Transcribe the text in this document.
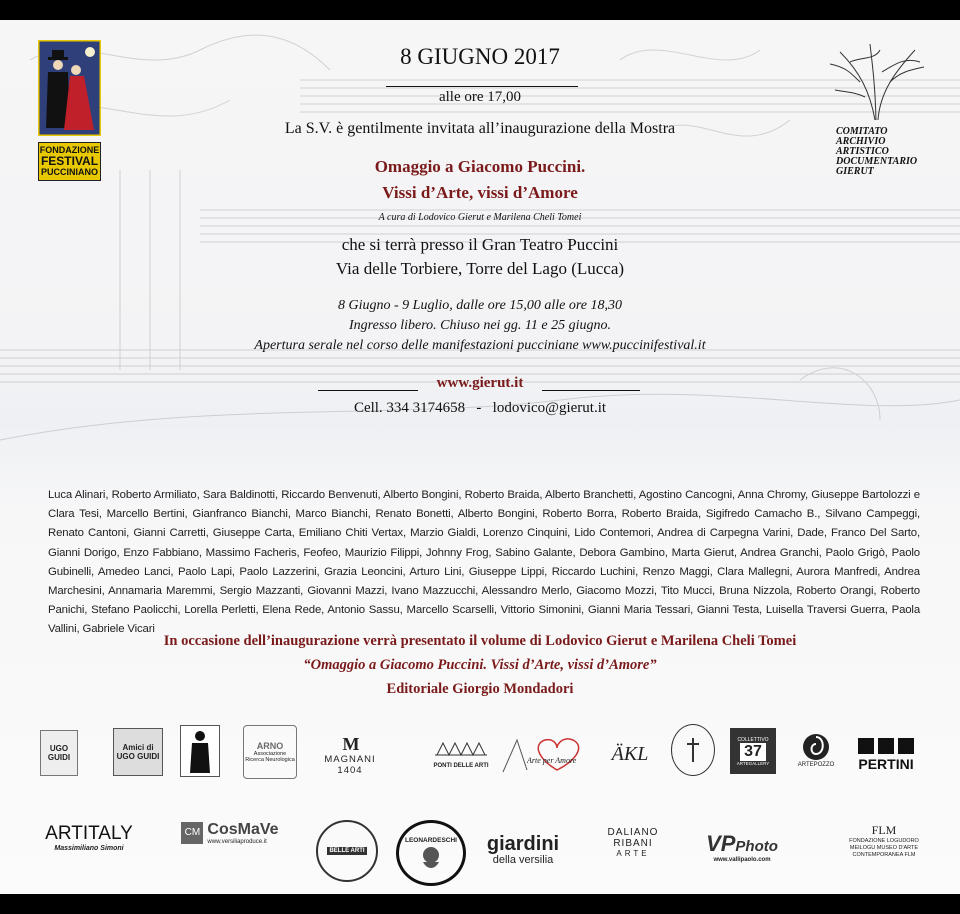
FONDAZIONE
FESTIVAL
PUCCINIANO
COMITATO
ARCHIVIO
ARTISTICO
DOCUMENTARIO
GIERUT
8 GIUGNO 2017
alle ore 17,00
La S.V. è gentilmente invitata all’inaugurazione della Mostra
Omaggio a Giacomo Puccini.
Vissi d’Arte, vissi d’Amore
A cura di Lodovico Gierut e Marilena Cheli Tomei
che si terrà presso il Gran Teatro Puccini
Via delle Torbiere, Torre del Lago (Lucca)
8 Giugno - 9 Luglio, dalle ore 15,00 alle ore 18,30
Ingresso libero. Chiuso nei gg. 11 e 25 giugno.
Apertura serale nel corso delle manifestazioni pucciniane www.puccinifestival.it
www.gierut.it
Cell. 334 3174658   -   lodovico@gierut.it
Luca Alinari, Roberto Armiliato, Sara Baldinotti, Riccardo Benvenuti, Alberto Bongini, Roberto Braida, Alberto Branchetti, Agostino Cancogni, Anna Chromy, Giuseppe Bartolozzi e Clara Tesi, Marcello Bertini, Gianfranco Bianchi, Marco Bianchi, Renato Bonetti, Alberto Bongini, Roberto Borra, Roberto Braida, Sigifredo Camacho B., Silvano Campeggi, Renato Cantoni, Gianni Carretti, Giuseppe Carta, Emiliano Chiti Vertax, Marzio Gialdi, Lorenzo Cinquini, Lido Contemori, Andrea di Carpegna Varini, Dade, Franco Del Sarto, Gianni Dorigo, Enzo Fabbiano, Massimo Facheris, Feofeo, Maurizio Filippi, Johnny Frog, Sabino Galante, Debora Gambino, Marta Gierut, Andrea Granchi, Paolo Grigò, Paolo Gubinelli, Amedeo Lanci, Paolo Lapi, Paolo Lazzerini, Grazia Leoncini, Arturo Lini, Giuseppe Lippi, Riccardo Luchini, Renzo Maggi, Clara Mallegni, Aurora Manfredi, Andrea Marchesini, Annamaria Maremmi, Sergio Mazzanti, Giovanni Mazzi, Ivano Mazzucchi, Alessandro Merlo, Giacomo Mozzi, Tito Mucci, Bruna Nizzola, Roberto Orangi, Roberto Panichi, Stefano Paolicchi, Lorella Perletti, Elena Rede, Antonio Sassu, Marcello Scarselli, Vittorio Simonini, Gianni Maria Tessari, Gianni Testa, Luisella Traversi Guerra, Paola Vallini, Gabriele Vicari
In occasione dell’inaugurazione verrà presentato il volume di Lodovico Gierut e Marilena Cheli Tomei
“Omaggio a Giacomo Puccini. Vissi d’Arte, vissi d’Amore”
Editoriale Giorgio Mondadori
UGO GUIDI
Amici di UGO GUIDI
ARNO
Associazione Ricerca Neurologica	MAGNANI 1404
M
PONTI DELLE ARTI
Arte per Amore ÄKL
COLLETTIVO
37
ARTEGALLERY	ARTEPOZZO PERTINI
ARTITALY
Massimiliano Simoni
CM CosMaVe
www.versiliaproduce.it
BELLE ARTI
LEONARDESCHI giardini
della versilia
DALIANO RIBANI
ARTE	VPPhoto
www.vallipaolo.com
FLM
FONDAZIONE LOGUDORO MEILOGU MUSEO D'ARTE CONTEMPORANEA FLM
